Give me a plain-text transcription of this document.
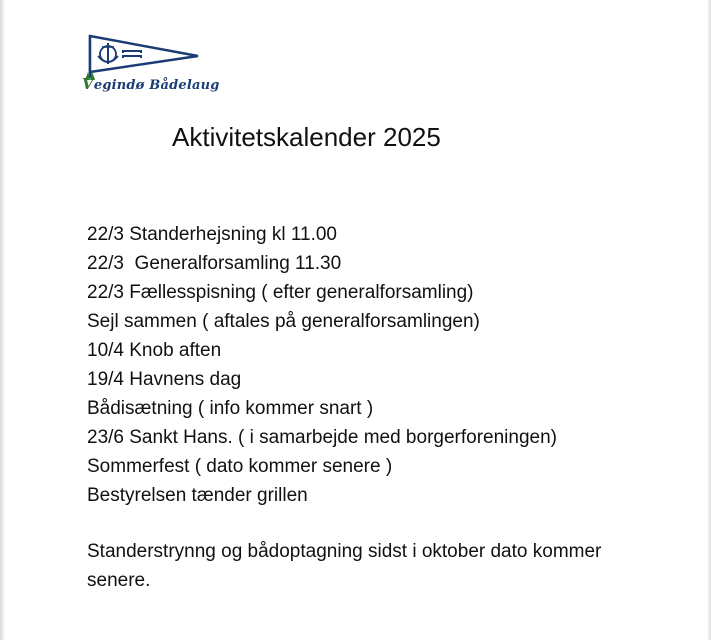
Vegindø Bådelaug
Aktivitetskalender 2025
22/3 Standerhejsning kl 11.00
22/3  Generalforsamling 11.30
22/3 Fællesspisning ( efter generalforsamling)
Sejl sammen ( aftales på generalforsamlingen)
10/4 Knob aften
19/4 Havnens dag
Bådisætning ( info kommer snart )
23/6 Sankt Hans. ( i samarbejde med borgerforeningen)
Sommerfest ( dato kommer senere )
Bestyrelsen tænder grillen

Standerstrynng og bådoptagning sidst i oktober dato kommer senere.
